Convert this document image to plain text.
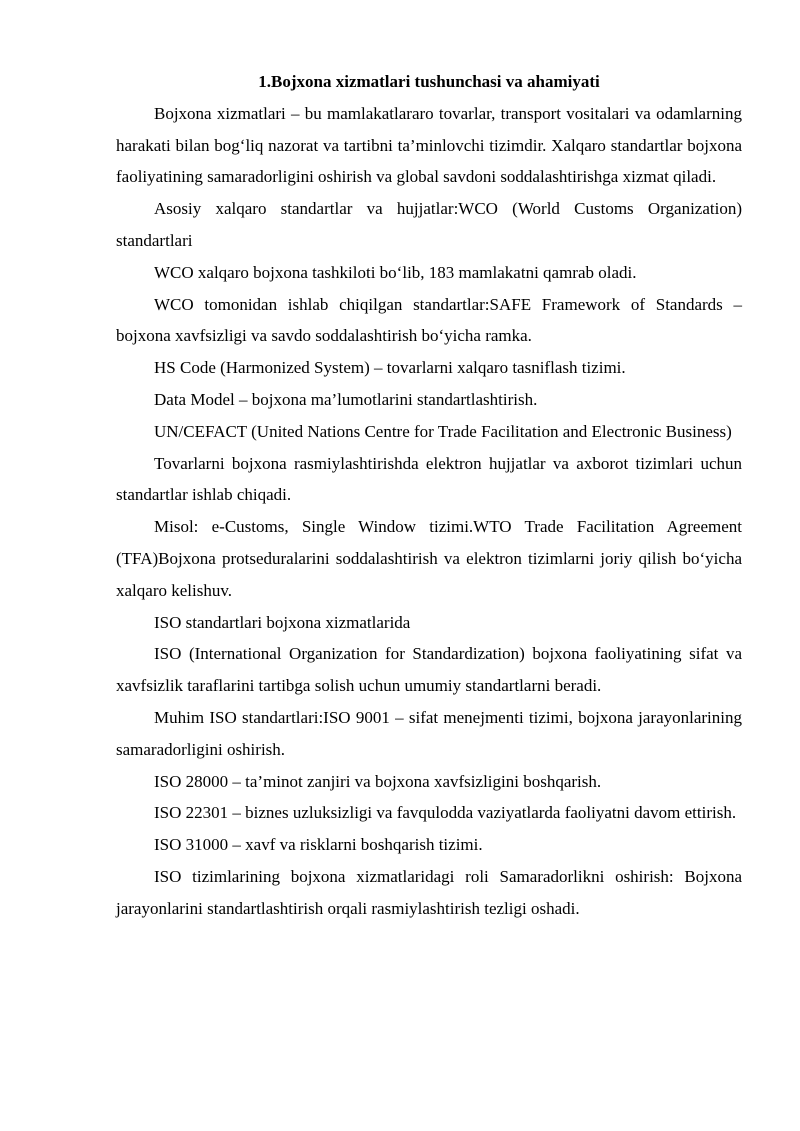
1.Bojxona xizmatlari tushunchasi va ahamiyati

Bojxona xizmatlari – bu mamlakatlararo tovarlar, transport vositalari va odamlarning harakati bilan bog‘liq nazorat va tartibni ta’minlovchi tizimdir. Xalqaro standartlar bojxona faoliyatining samaradorligini oshirish va global savdoni soddalashtirishga xizmat qiladi.

Asosiy xalqaro standartlar va hujjatlar:WCO (World Customs Organization) standartlari

WCO xalqaro bojxona tashkiloti bo‘lib, 183 mamlakatni qamrab oladi.

WCO tomonidan ishlab chiqilgan standartlar:SAFE Framework of Standards – bojxona xavfsizligi va savdo soddalashtirish bo‘yicha ramka.

HS Code (Harmonized System) – tovarlarni xalqaro tasniflash tizimi.

Data Model – bojxona ma’lumotlarini standartlashtirish.

UN/CEFACT (United Nations Centre for Trade Facilitation and Electronic Business)

Tovarlarni bojxona rasmiylashtirishda elektron hujjatlar va axborot tizimlari uchun standartlar ishlab chiqadi.

Misol: e-Customs, Single Window tizimi.WTO Trade Facilitation Agreement (TFA)Bojxona protseduralarini soddalashtirish va elektron tizimlarni joriy qilish bo‘yicha xalqaro kelishuv.

ISO standartlari bojxona xizmatlarida

ISO (International Organization for Standardization) bojxona faoliyatining sifat va xavfsizlik taraflarini tartibga solish uchun umumiy standartlarni beradi.

Muhim ISO standartlari:ISO 9001 – sifat menejmenti tizimi, bojxona jarayonlarining samaradorligini oshirish.

ISO 28000 – ta’minot zanjiri va bojxona xavfsizligini boshqarish.

ISO 22301 – biznes uzluksizligi va favqulodda vaziyatlarda faoliyatni davom ettirish.

ISO 31000 – xavf va risklarni boshqarish tizimi.

ISO tizimlarining bojxona xizmatlaridagi roli Samaradorlikni oshirish: Bojxona jarayonlarini standartlashtirish orqali rasmiylashtirish tezligi oshadi.
